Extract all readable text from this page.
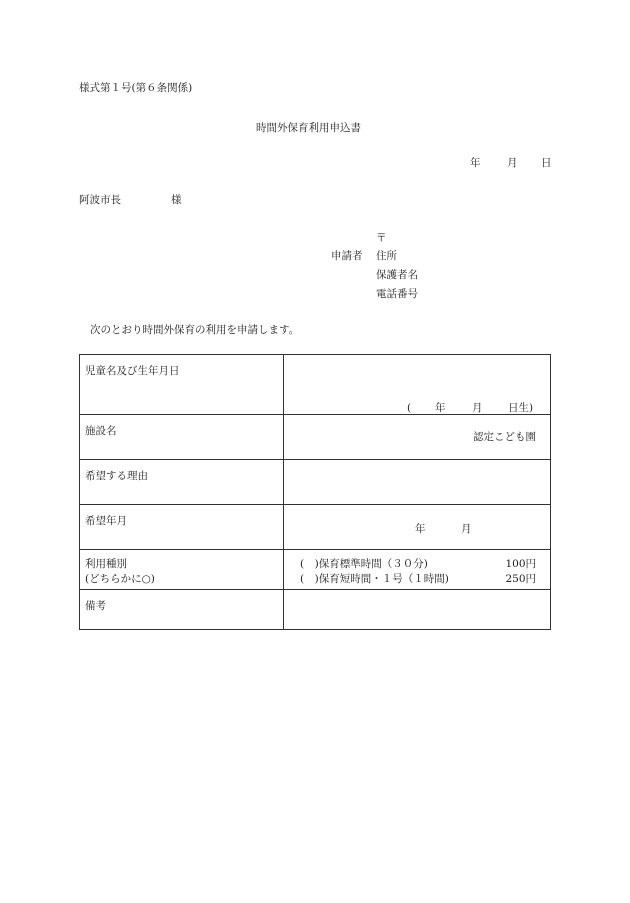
様式第１号(第６条関係)
時間外保育利用申込書
年	月 日
阿波市長	様
〒
申請者 住所
保護者名
電話番号
次のとおり時間外保育の利用を申請します。
児童名及び生年月日	( 年 月 日生)

施設名	認定こども園

希望する理由	

希望年月	年 月

利用種別
(どちらかに○)	(　)保育標準時間（３０分) 100円
(　)保育短時間・１号（１時間) 250円

備考	
